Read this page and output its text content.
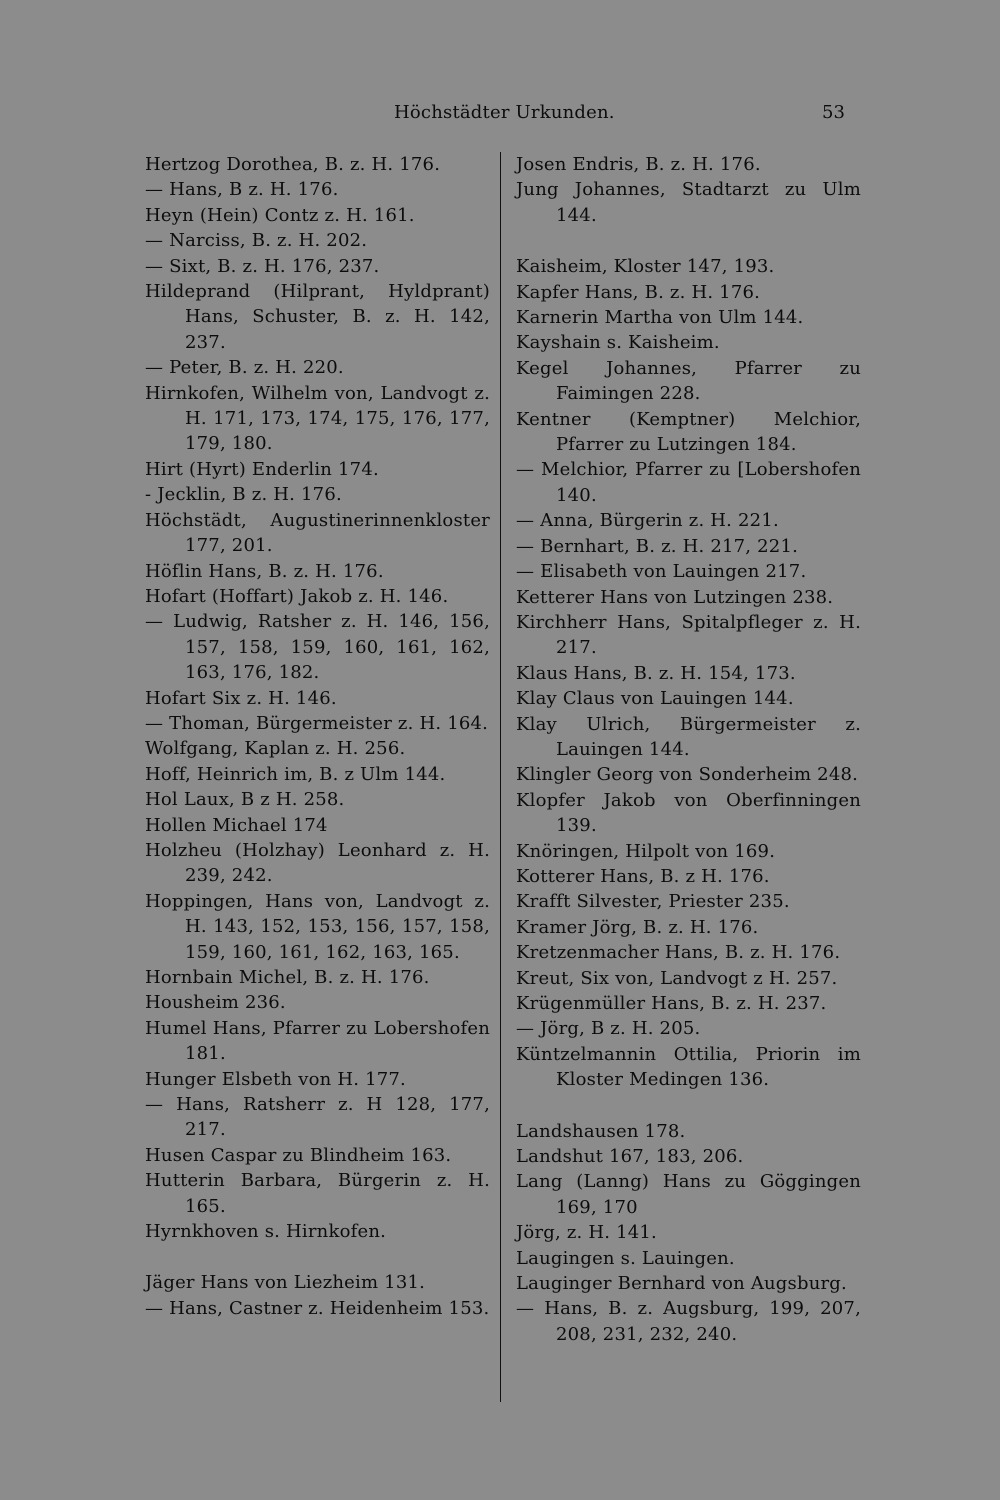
Höchstädter Urkunden.	53
Hertzog Dorothea, B. z. H. 176.
— Hans, B z. H. 176.
Heyn (Hein) Contz z. H. 161.
— Narciss, B. z. H. 202.
— Sixt, B. z. H. 176, 237.
Hildeprand (Hilprant, Hyldprant) Hans, Schuster, B. z. H. 142, 237.
— Peter, B. z. H. 220.
Hirnkofen, Wilhelm von, Landvogt z. H. 171, 173, 174, 175, 176, 177, 179, 180.
Hirt (Hyrt) Enderlin 174.
- Jecklin, B z. H. 176.
Höchstädt, Augustinerinnenkloster 177, 201.
Höflin Hans, B. z. H. 176.
Hofart (Hoffart) Jakob z. H. 146.
— Ludwig, Ratsher z. H. 146, 156, 157, 158, 159, 160, 161, 162, 163, 176, 182.
Hofart Six z. H. 146.
— Thoman, Bürgermeister z. H. 164.
Wolfgang, Kaplan z. H. 256.
Hoff, Heinrich im, B. z Ulm 144.
Hol Laux, B z H. 258.
Hollen Michael 174
Holzheu (Holzhay) Leonhard z. H. 239, 242.
Hoppingen, Hans von, Landvogt z. H. 143, 152, 153, 156, 157, 158, 159, 160, 161, 162, 163, 165.
Hornbain Michel, B. z. H. 176.
Housheim 236.
Humel Hans, Pfarrer zu Lobershofen 181.
Hunger Elsbeth von H. 177.
— Hans, Ratsherr z. H 128, 177, 217.
Husen Caspar zu Blindheim 163.
Hutterin Barbara, Bürgerin z. H. 165.
Hyrnkhoven s. Hirnkofen.
Jäger Hans von Liezheim 131.
— Hans, Castner z. Heidenheim 153.
Josen Endris, B. z. H. 176.
Jung Johannes, Stadtarzt zu Ulm 144.
Kaisheim, Kloster 147, 193.
Kapfer Hans, B. z. H. 176.
Karnerin Martha von Ulm 144.
Kayshain s. Kaisheim.
Kegel Johannes, Pfarrer zu Faimingen 228.
Kentner (Kemptner) Melchior, Pfarrer zu Lutzingen 184.
— Melchior, Pfarrer zu [Lobershofen 140.
— Anna, Bürgerin z. H. 221.
— Bernhart, B. z. H. 217, 221.
— Elisabeth von Lauingen 217.
Ketterer Hans von Lutzingen 238.
Kirchherr Hans, Spitalpfleger z. H. 217.
Klaus Hans, B. z. H. 154, 173.
Klay Claus von Lauingen 144.
Klay Ulrich, Bürgermeister z. Lauingen 144.
Klingler Georg von Sonderheim 248.
Klopfer Jakob von Oberfinningen 139.
Knöringen, Hilpolt von 169.
Kotterer Hans, B. z H. 176.
Krafft Silvester, Priester 235.
Kramer Jörg, B. z. H. 176.
Kretzenmacher Hans, B. z. H. 176.
Kreut, Six von, Landvogt z H. 257.
Krügenmüller Hans, B. z. H. 237.
— Jörg, B z. H. 205.
Küntzelmannin Ottilia, Priorin im Kloster Medingen 136.
Landshausen 178.
Landshut 167, 183, 206.
Lang (Lanng) Hans zu Göggingen 169, 170
Jörg, z. H. 141.
Laugingen s. Lauingen.
Lauginger Bernhard von Augsburg.
— Hans, B. z. Augsburg, 199, 207, 208, 231, 232, 240.
